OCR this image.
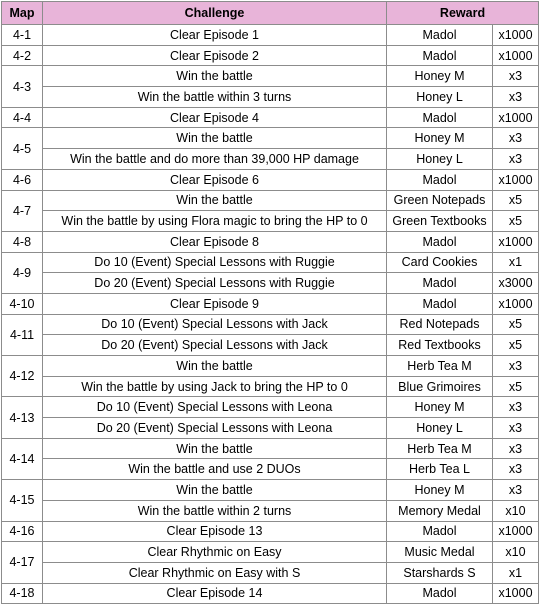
Map	Challenge	Reward	
4-1	Clear Episode 1	Madol	x1000
4-2	Clear Episode 2	Madol	x1000
4-3	Win the battle	Honey M	x3
	Win the battle within 3 turns	Honey L	x3
4-4	Clear Episode 4	Madol	x1000
4-5	Win the battle	Honey M	x3
	Win the battle and do more than 39,000 HP damage	Honey L	x3
4-6	Clear Episode 6	Madol	x1000
4-7	Win the battle	Green Notepads	x5
	Win the battle by using Flora magic to bring the HP to 0	Green Textbooks	x5
4-8	Clear Episode 8	Madol	x1000
4-9	Do 10 (Event) Special Lessons with Ruggie	Card Cookies	x1
	Do 20 (Event) Special Lessons with Ruggie	Madol	x3000
4-10	Clear Episode 9	Madol	x1000
4-11	Do 10 (Event) Special Lessons with Jack	Red Notepads	x5
	Do 20 (Event) Special Lessons with Jack	Red Textbooks	x5
4-12	Win the battle	Herb Tea M	x3
	Win the battle by using Jack to bring the HP to 0	Blue Grimoires	x5
4-13	Do 10 (Event) Special Lessons with Leona	Honey M	x3
	Do 20 (Event) Special Lessons with Leona	Honey L	x3
4-14	Win the battle	Herb Tea M	x3
	Win the battle and use 2 DUOs	Herb Tea L	x3
4-15	Win the battle	Honey M	x3
	Win the battle within 2 turns	Memory Medal	x10
4-16	Clear Episode 13	Madol	x1000
4-17	Clear Rhythmic on Easy	Music Medal	x10
	Clear Rhythmic on Easy with S	Starshards S	x1
4-18	Clear Episode 14	Madol	x1000
